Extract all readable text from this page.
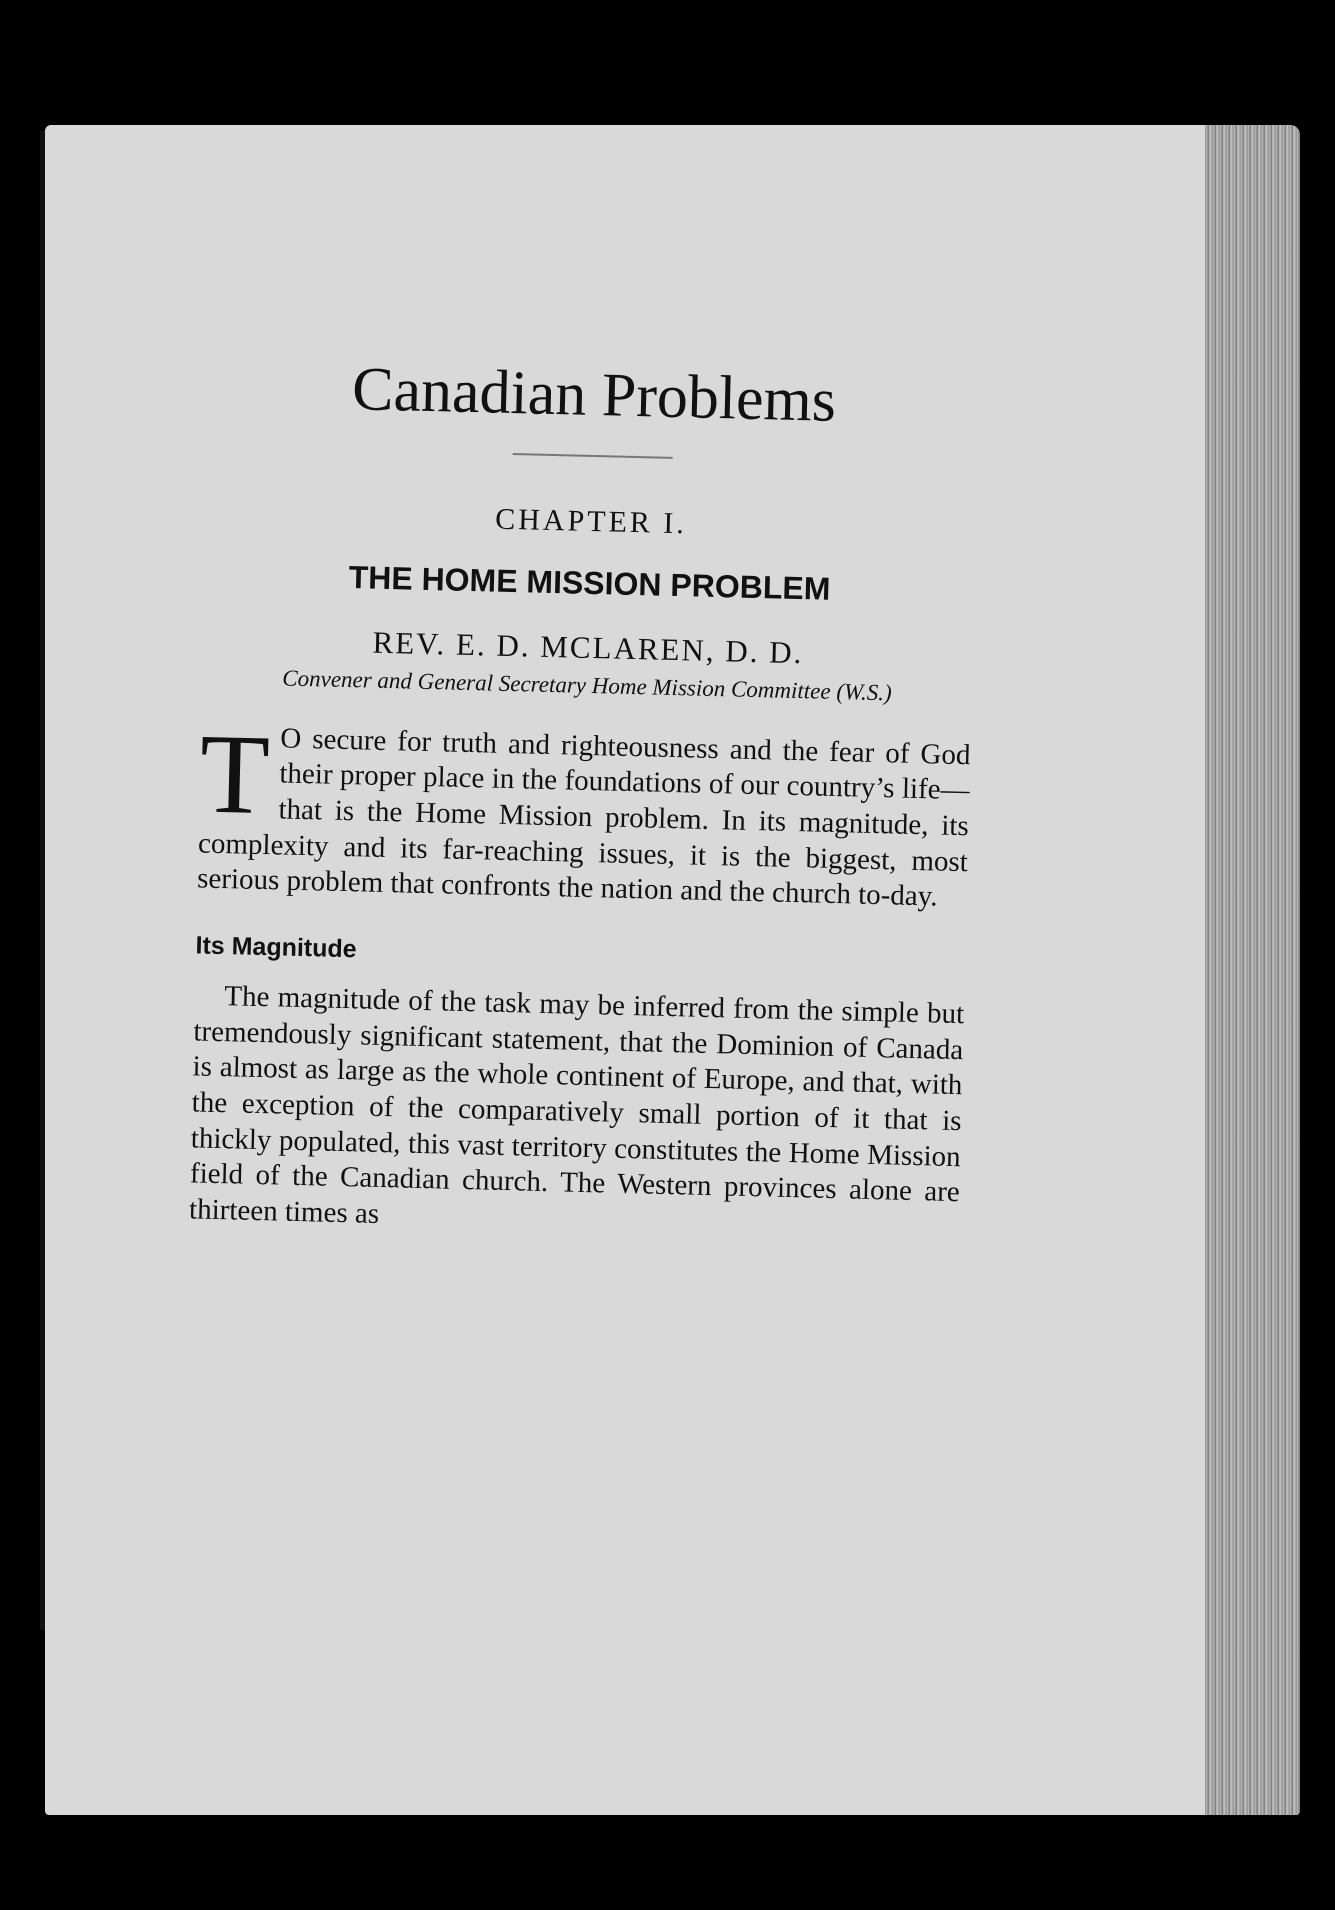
Canadian Problems
CHAPTER I.
THE HOME MISSION PROBLEM
REV. E. D. MCLAREN, D. D.
Convener and General Secretary Home Mission Committee (W.S.)

T O secure for truth and righteousness and the fear of God their proper place in the foundations of our country’s life— that is the Home Mission problem. In its magnitude, its complexity and its far-reaching issues, it is the biggest, most serious problem that confronts the nation and the church to-day.

Its Magnitude

The magnitude of the task may be inferred from the simple but tremendously significant statement, that the Dominion of Canada is almost as large as the whole continent of Europe, and that, with the exception of the comparatively small portion of it that is thickly populated, this vast territory constitutes the Home Mission field of the Canadian church. The Western provinces alone are thirteen times as
